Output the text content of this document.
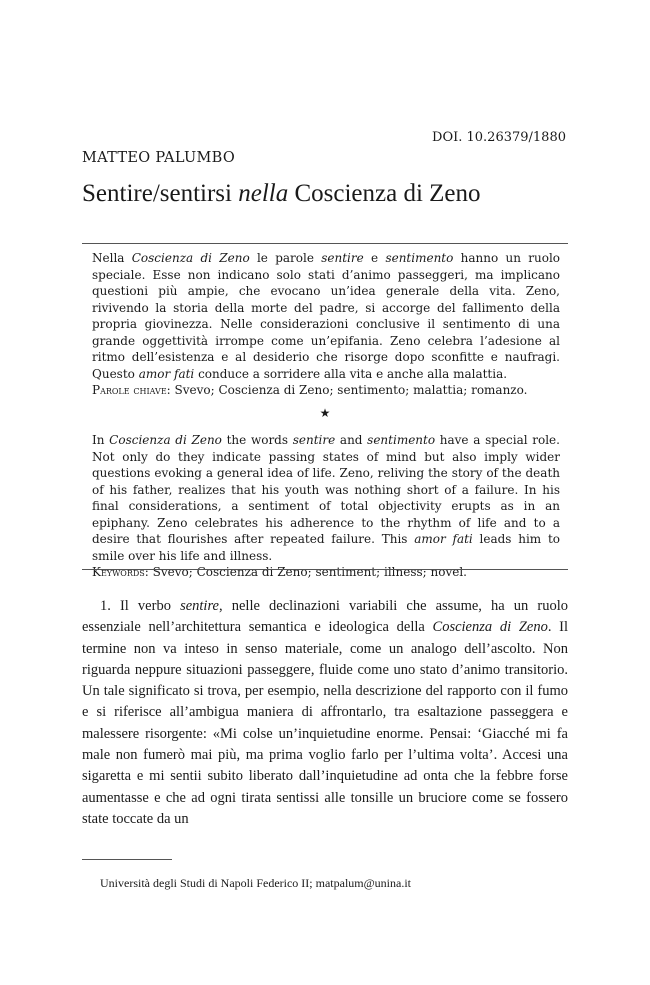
DOI. 10.26379/1880
MATTEO PALUMBO
Sentire/sentirsi nella Coscienza di Zeno

Nella Coscienza di Zeno le parole sentire e sentimento hanno un ruolo speciale. Esse non indicano solo stati d’animo passeggeri, ma implicano questioni più ampie, che evocano un’idea generale della vita. Zeno, rivivendo la storia della morte del padre, si accorge del fallimento della propria giovinezza. Nelle considerazioni conclusive il sentimento di una grande oggettività irrompe come un’epifania. Zeno celebra l’adesione al ritmo dell’esistenza e al desiderio che risorge dopo sconfitte e naufragi. Questo amor fati conduce a sorridere alla vita e anche alla malattia.

Parole chiave: Svevo; Coscienza di Zeno; sentimento; malattia; romanzo.

★

In Coscienza di Zeno the words sentire and sentimento have a special role. Not only do they indicate passing states of mind but also imply wider questions evoking a general idea of life. Zeno, reliving the story of the death of his father, realizes that his youth was nothing short of a failure. In his final considerations, a sentiment of total objectivity erupts as in an epiphany. Zeno celebrates his adherence to the rhythm of life and to a desire that flourishes after repeated failure. This amor fati leads him to smile over his life and illness.

Keywords: Svevo; Coscienza di Zeno; sentiment; illness; novel.

1. Il verbo sentire, nelle declinazioni variabili che assume, ha un ruolo essenziale nell’architettura semantica e ideologica della Coscienza di Zeno. Il termine non va inteso in senso materiale, come un analogo dell’ascolto. Non riguarda neppure situazioni passeggere, fluide come uno stato d’animo transitorio. Un tale significato si trova, per esempio, nella descrizione del rapporto con il fumo e si riferisce all’ambigua maniera di affrontarlo, tra esaltazione passeggera e malessere risorgente: «Mi colse un’inquietudine enorme. Pensai: ‘Giacché mi fa male non fumerò mai più, ma prima voglio farlo per l’ultima volta’. Accesi una sigaretta e mi sentii subito liberato dall’inquietudine ad onta che la febbre forse aumentasse e che ad ogni tirata sentissi alle tonsille un bruciore come se fossero state toccate da un

Università degli Studi di Napoli Federico II; matpalum@unina.it
